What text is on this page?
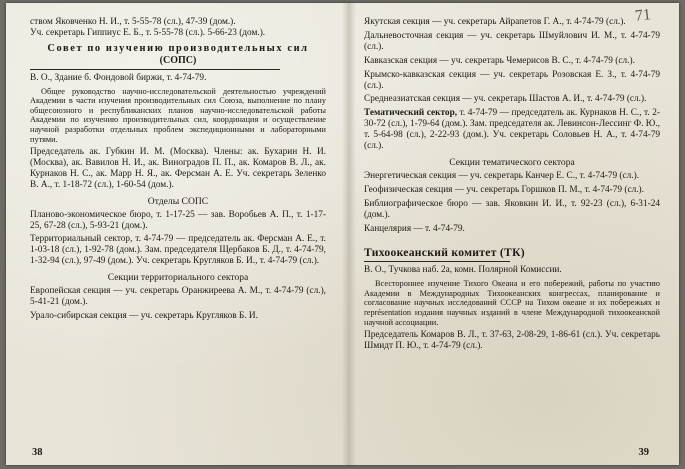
71

ством Яковченко Н. И., т. 5-55-78 (сл.), 47-39 (дом.).

Уч. секретарь Гиппиус Е. Б., т. 5-55-78 (сл.). 5-66-23 (дом.).

Совет по изучению производительных сил
(СОПС)

В. О., Здание б. Фондовой биржи, т. 4-74-79.

Общее руководство научно-исследовательской деятельностью учреждений Академии в части изучения производительных сил Союза, выполнение по плану общесоюзного и республиканских планов научно-исследовательской работы Академии по изучению производительных сил, координация и осуществление научной разработки отдельных проблем экспедиционными и лабораторными путями.

Председатель ак. Губкин И. М. (Москва). Члены: ак. Бухарин Н. И. (Москва), ак. Вавилов Н. И., ак. Виноградов П. П., ак. Комаров В. Л., ак. Курнаков Н. С., ак. Марр Н. Я., ак. Ферсман А. Е. Уч. секретарь Зеленко В. А., т. 1-18-72 (сл.), 1-60-54 (дом.).

Отделы СОПС

Планово-экономическое бюро, т. 1-17-25 — зав. Воробьев А. П., т. 1-17-25, 67-28 (сл.), 5-93-21 (дом.).

Территориальный сектор, т. 4-74-79 — председатель ак. Ферсман А. Е., т. 1-03-18 (сл.), 1-92-78 (дом.). Зам. председателя Щербаков Б. Д., т. 4-74-79, 1-32-94 (сл.), 97-49 (дом.). Уч. секретарь Кругляков Б. И., т. 4-74-79 (сл.).

Секции территориального сектора

Европейская секция — уч. секретарь Оранжиреева А. М., т. 4-74-79 (сл.), 5-41-21 (дом.).

Урало-сибирская секция — уч. секретарь Кругляков Б. И.

Якутская секция — уч. секретарь Айрапетов Г. А., т. 4-74-79 (сл.).

Дальневосточная секция — уч. секретарь Шмуйлович И. М., т. 4-74-79 (сл.).

Кавказская секция — уч. секретарь Чемерисов В. С., т. 4-74-79 (сл.).

Крымско-кавказская секция — уч. секретарь Розовская Е. З., т. 4-74-79 (сл.).

Среднеазиатская секция — уч. секретарь Шастов А. И., т. 4-74-79 (сл.).

Тематический сектор, т. 4-74-79 — председатель ак. Курнаков Н. С., т. 2-30-72 (сл.), 1-79-64 (дом.). Зам. председателя ак. Левинсон-Лессинг Ф. Ю., т. 5-64-98 (сл.), 2-22-93 (дом.). Уч. секретарь Соловьев Н. А., т. 4-74-79 (сл.).

Секции тематического сектора

Энергетическая секция — уч. секретарь Канчер Е. С., т. 4-74-79 (сл.).

Геофизическая секция — уч. секретарь Горшков П. М., т. 4-74-79 (сл.).

Библиографическое бюро — зав. Яковкин И. И., т. 92-23 (сл.), 6-31-24 (дом.).

Канцелярия — т. 4-74-79.

Тихоокеанский комитет (ТК)

В. О., Тучкова наб. 2а, комн. Полярной Комиссии.

Всестороннее изучение Тихого Океана и его побережий, работы по участию Академии в Международных Тихоокеанских конгрессах, планирование и согласование научных исследований СССР на Тихом океане и их побережьях и représentation издания научных изданий в члене Международной тихоокеанской научной ассоциации.

Председатель Комаров В. Л., т. 37-63, 2-08-29, 1-86-61 (сл.). Уч. секретарь Шмидт П. Ю., т. 4-74-79 (сл.).

38	39
